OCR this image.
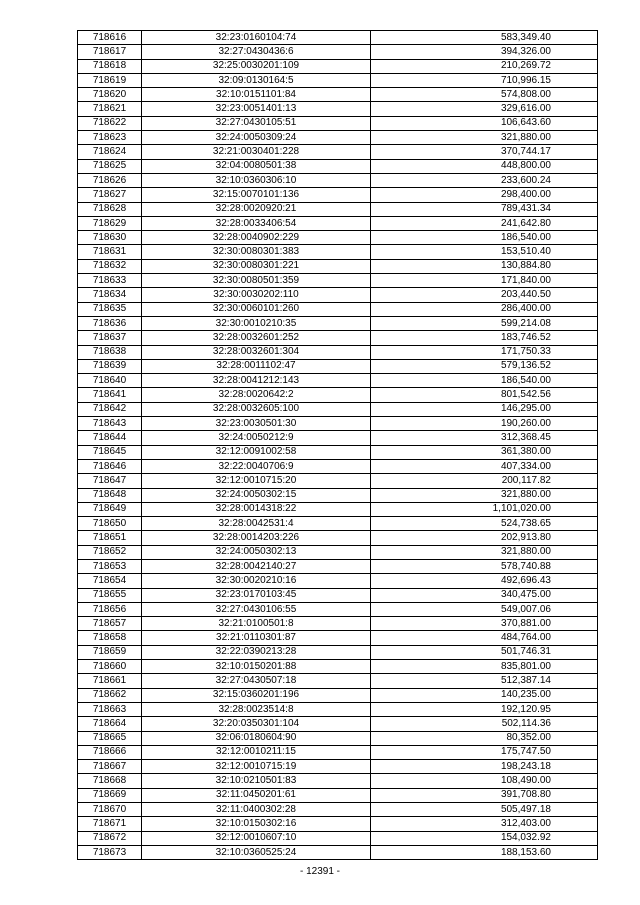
718616	32:23:0160104:74	583,349.40
718617	32:27:0430436:6	394,326.00
718618	32:25:0030201:109	210,269.72
718619	32:09:0130164:5	710,996.15
718620	32:10:0151101:84	574,808.00
718621	32:23:0051401:13	329,616.00
718622	32:27:0430105:51	106,643.60
718623	32:24:0050309:24	321,880.00
718624	32:21:0030401:228	370,744.17
718625	32:04:0080501:38	448,800.00
718626	32:10:0360306:10	233,600.24
718627	32:15:0070101:136	298,400.00
718628	32:28:0020920:21	789,431.34
718629	32:28:0033406:54	241,642.80
718630	32:28:0040902:229	186,540.00
718631	32:30:0080301:383	153,510.40
718632	32:30:0080301:221	130,884.80
718633	32:30:0080501:359	171,840.00
718634	32:30:0030202:110	203,440.50
718635	32:30:0060101:260	286,400.00
718636	32:30:0010210:35	599,214.08
718637	32:28:0032601:252	183,746.52
718638	32:28:0032601:304	171,750.33
718639	32:28:0011102:47	579,136.52
718640	32:28:0041212:143	186,540.00
718641	32:28:0020642:2	801,542.56
718642	32:28:0032605:100	146,295.00
718643	32:23:0030501:30	190,260.00
718644	32:24:0050212:9	312,368.45
718645	32:12:0091002:58	361,380.00
718646	32:22:0040706:9	407,334.00
718647	32:12:0010715:20	200,117.82
718648	32:24:0050302:15	321,880.00
718649	32:28:0014318:22	1,101,020.00
718650	32:28:0042531:4	524,738.65
718651	32:28:0014203:226	202,913.80
718652	32:24:0050302:13	321,880.00
718653	32:28:0042140:27	578,740.88
718654	32:30:0020210:16	492,696.43
718655	32:23:0170103:45	340,475.00
718656	32:27:0430106:55	549,007.06
718657	32:21:0100501:8	370,881.00
718658	32:21:0110301:87	484,764.00
718659	32:22:0390213:28	501,746.31
718660	32:10:0150201:88	835,801.00
718661	32:27:0430507:18	512,387.14
718662	32:15:0360201:196	140,235.00
718663	32:28:0023514:8	192,120.95
718664	32:20:0350301:104	502,114.36
718665	32:06:0180604:90	80,352.00
718666	32:12:0010211:15	175,747.50
718667	32:12:0010715:19	198,243.18
718668	32:10:0210501:83	108,490.00
718669	32:11:0450201:61	391,708.80
718670	32:11:0400302:28	505,497.18
718671	32:10:0150302:16	312,403.00
718672	32:12:0010607:10	154,032.92
718673	32:10:0360525:24	188,153.60
- 12391 -
